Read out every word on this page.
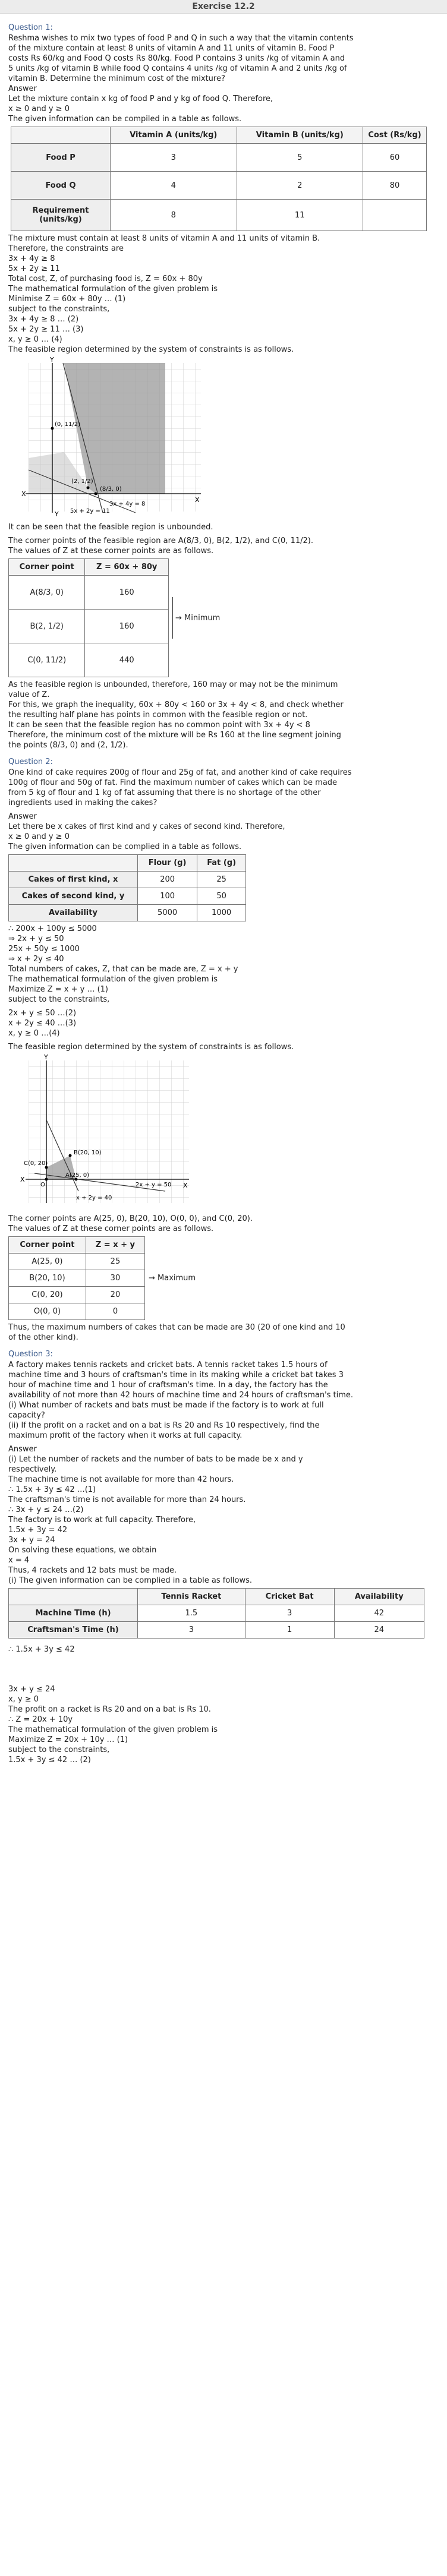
Exercise 12.2
Question 1:

Reshma wishes to mix two types of food P and Q in such a way that the vitamin contents

of the mixture contain at least 8 units of vitamin A and 11 units of vitamin B. Food P

costs Rs 60/kg and Food Q costs Rs 80/kg. Food P contains 3 units /kg of vitamin A and

5 units /kg of vitamin B while food Q contains 4 units /kg of vitamin A and 2 units /kg of

vitamin B. Determine the minimum cost of the mixture?

Answer

Let the mixture contain x kg of food P and y kg of food Q. Therefore,

x ≥ 0 and y ≥ 0

The given information can be compiled in a table as follows.

	Vitamin A (units/kg)	Vitamin B (units/kg)	Cost (Rs/kg)
Food P	3	5	60
Food Q	4	2	80
Requirement (units/kg)	8	11	

The mixture must contain at least 8 units of vitamin A and 11 units of vitamin B.

Therefore, the constraints are

3x + 4y ≥ 8

5x + 2y ≥ 11

Total cost, Z, of purchasing food is, Z = 60x + 80y

The mathematical formulation of the given problem is

Minimise Z = 60x + 80y … (1)

subject to the constraints,

3x + 4y ≥ 8 … (2)

5x + 2y ≥ 11 … (3)

x, y ≥ 0 … (4)

The feasible region determined by the system of constraints is as follows.

X
X
Y
Y
(8/3, 0)
(2, 1/2)
(0, 11/2)
3x + 4y = 8
5x + 2y = 11

It can be seen that the feasible region is unbounded.

The corner points of the feasible region are A(8/3, 0), B(2, 1/2), and C(0, 11/2).

The values of Z at these corner points are as follows.

Corner point	Z = 60x + 80y
A(8/3, 0)	160
B(2, 1/2)	160
C(0, 11/2)	440
→ Minimum

As the feasible region is unbounded, therefore, 160 may or may not be the minimum

value of Z.

For this, we graph the inequality, 60x + 80y < 160 or 3x + 4y < 8, and check whether

the resulting half plane has points in common with the feasible region or not.

It can be seen that the feasible region has no common point with 3x + 4y < 8

Therefore, the minimum cost of the mixture will be Rs 160 at the line segment joining

the points (8/3, 0) and (2, 1/2).

Question 2:

One kind of cake requires 200g of flour and 25g of fat, and another kind of cake requires

100g of flour and 50g of fat. Find the maximum number of cakes which can be made

from 5 kg of flour and 1 kg of fat assuming that there is no shortage of the other

ingredients used in making the cakes?

Answer

Let there be x cakes of first kind and y cakes of second kind. Therefore,

x ≥ 0 and y ≥ 0

The given information can be complied in a table as follows.

	Flour (g)	Fat (g)
Cakes of first kind, x	200	25
Cakes of second kind, y	100	50
Availability	5000	1000

∴ 200x + 100y ≤ 5000

⇒ 2x + y ≤ 50

25x + 50y ≤ 1000

⇒ x + 2y ≤ 40

Total numbers of cakes, Z, that can be made are, Z = x + y

The mathematical formulation of the given problem is

Maximize Z = x + y … (1)

subject to the constraints,

2x + y ≤ 50 …(2)

x + 2y ≤ 40 …(3)

x, y ≥ 0 …(4)

The feasible region determined by the system of constraints is as follows.

X
X
Y
B(20, 10)
C(0, 20)
A(25, 0)
O	2x + y = 50
x + 2y = 40

The corner points are A(25, 0), B(20, 10), O(0, 0), and C(0, 20).

The values of Z at these corner points are as follows.

Corner point	Z = x + y
A(25, 0)	25
B(20, 10)	30
C(0, 20)	20
O(0, 0)	0
→ Maximum

Thus, the maximum numbers of cakes that can be made are 30 (20 of one kind and 10

of the other kind).

Question 3:

A factory makes tennis rackets and cricket bats. A tennis racket takes 1.5 hours of

machine time and 3 hours of craftsman's time in its making while a cricket bat takes 3

hour of machine time and 1 hour of craftsman's time. In a day, the factory has the

availability of not more than 42 hours of machine time and 24 hours of craftsman's time.

(i) What number of rackets and bats must be made if the factory is to work at full

capacity?

(ii) If the profit on a racket and on a bat is Rs 20 and Rs 10 respectively, find the

maximum profit of the factory when it works at full capacity.

Answer

(i) Let the number of rackets and the number of bats to be made be x and y

respectively.

The machine time is not available for more than 42 hours.

∴ 1.5x + 3y ≤ 42 …(1)

The craftsman's time is not available for more than 24 hours.

∴ 3x + y ≤ 24 …(2)

The factory is to work at full capacity. Therefore,

1.5x + 3y = 42

3x + y = 24

On solving these equations, we obtain

x = 4

Thus, 4 rackets and 12 bats must be made.

(i) The given information can be complied in a table as follows.

	Tennis Racket	Cricket Bat	Availability
Machine Time (h)	1.5	3	42
Craftsman's Time (h)	3	1	24

∴ 1.5x + 3y ≤ 42

3x + y ≤ 24

x, y ≥ 0

The profit on a racket is Rs 20 and on a bat is Rs 10.

∴ Z = 20x + 10y

The mathematical formulation of the given problem is

Maximize Z = 20x + 10y … (1)

subject to the constraints,

1.5x + 3y ≤ 42 … (2)
